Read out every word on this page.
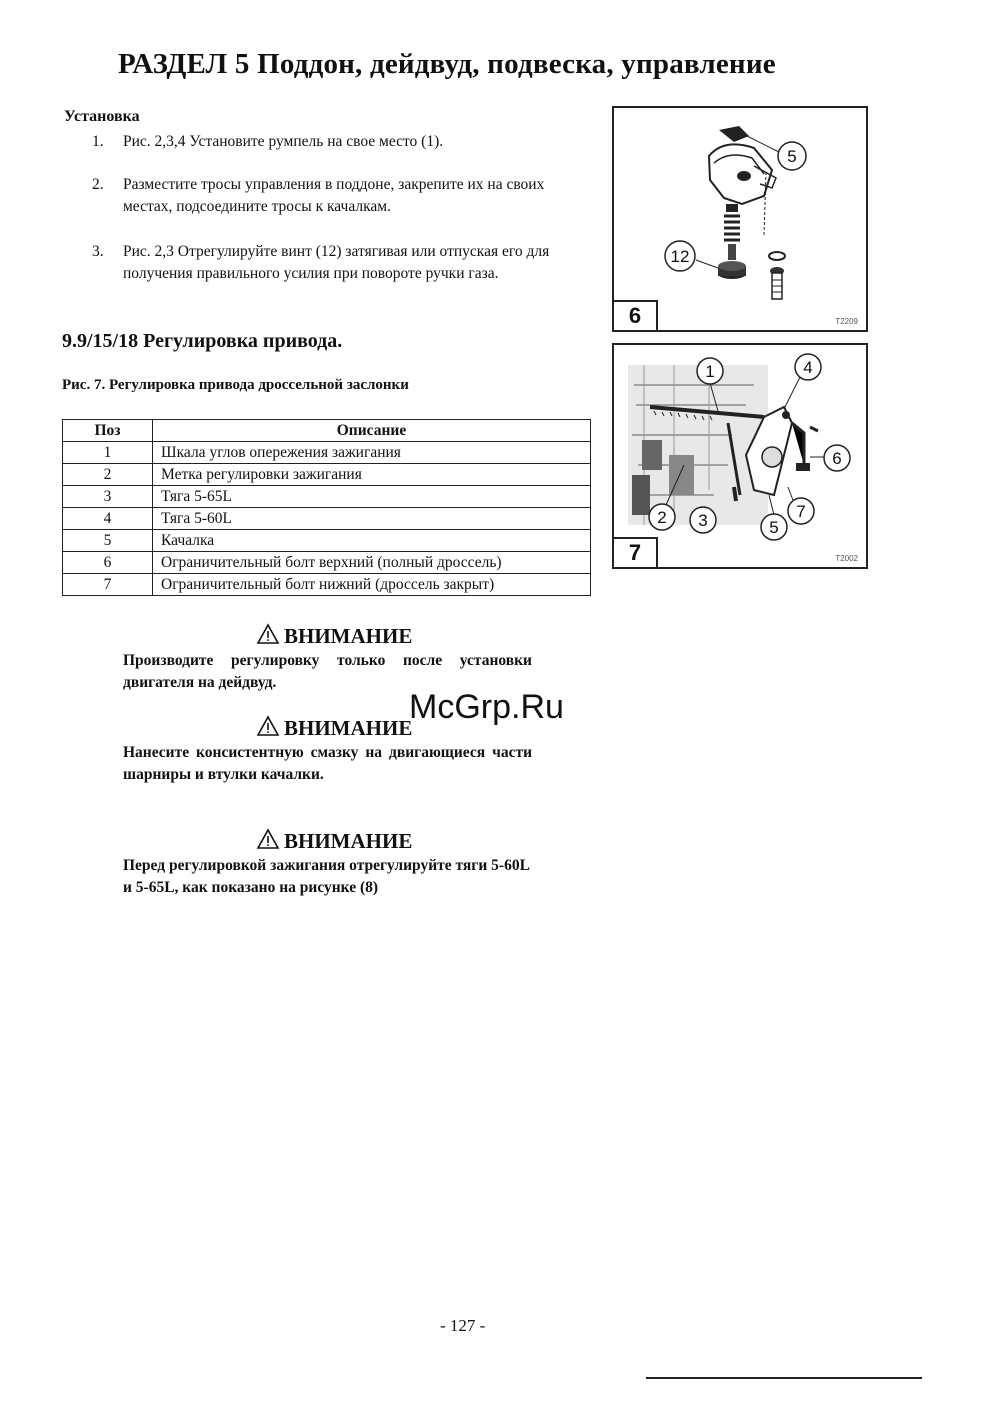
РАЗДЕЛ 5 Поддон, дейдвуд, подвеска, управление
Установка
1. Рис. 2,3,4 Установите румпель на свое место (1).
2. Разместите тросы управления в поддоне, закрепите их на своих местах, подсоедините тросы к качалкам.
3. Рис. 2,3 Отрегулируйте винт (12) затягивая или отпуская его для получения правильного усилия при повороте ручки газа.
9.9/15/18 Регулировка привода.
Рис. 7. Регулировка привода дроссельной заслонки
Поз	Описание
1	Шкала углов опережения зажигания
2	Метка регулировки зажигания
3	Тяга 5-65L
4	Тяга 5-60L
5	Качалка
6	Ограничительный болт верхний (полный дроссель)
7	Ограничительный болт нижний (дроссель закрыт)
ВНИМАНИЕ
Производите регулировку только после установки двигателя на дейдвуд.
ВНИМАНИЕ
Нанесите консистентную смазку на двигающиеся части шарниры и втулки качалки.
ВНИМАНИЕ
Перед регулировкой зажигания отрегулируйте тяги 5-60L и 5-65L, как показано на рисунке (8)
5
12
6	T2209
1	4
6
2 3	5
7
7	T2002
McGrp.Ru
- 127 -
